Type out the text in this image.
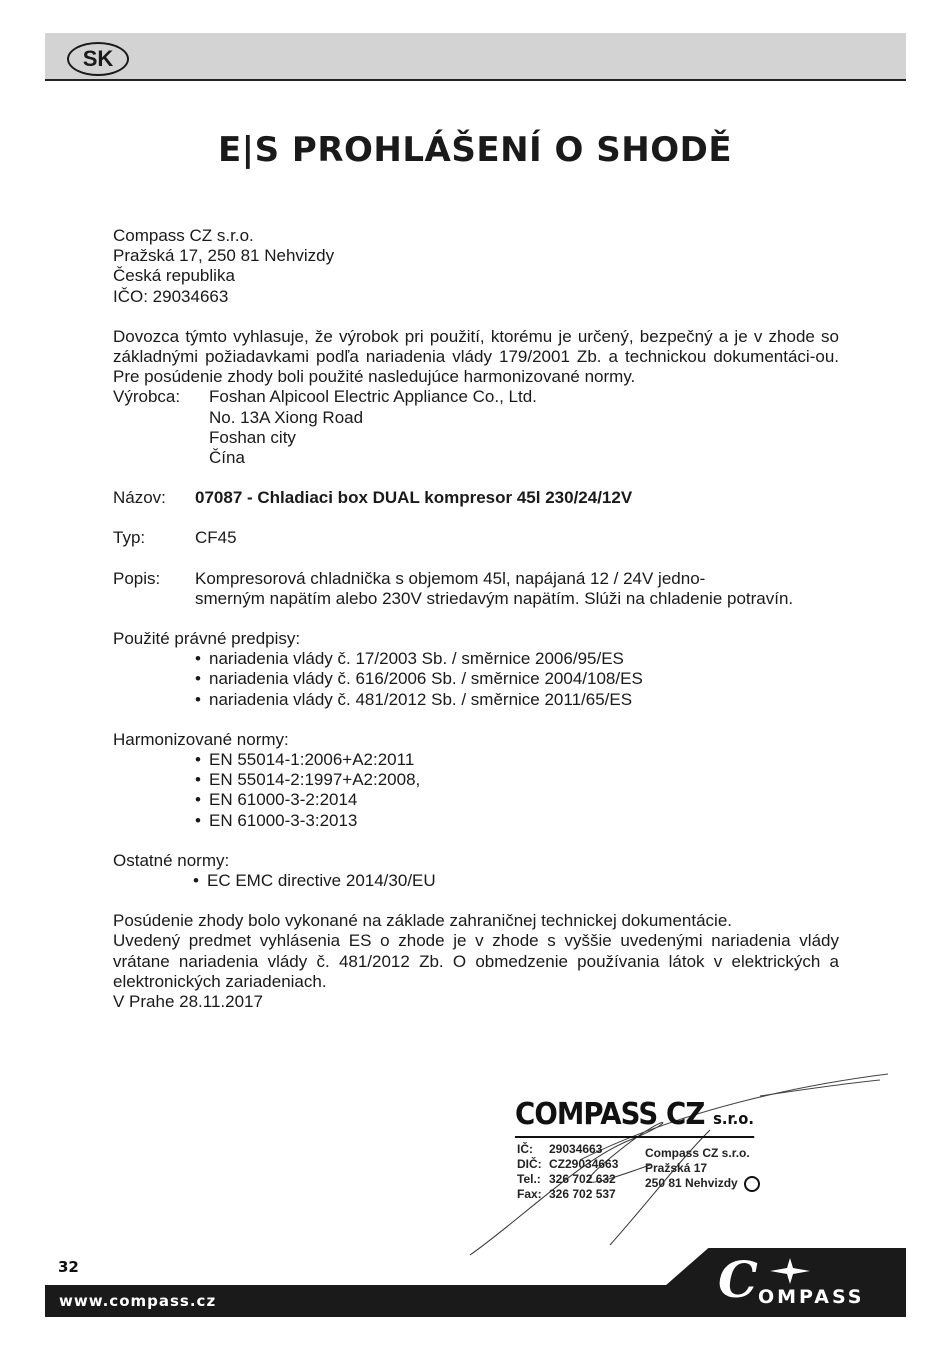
SK
E|S PROHLÁŠENÍ O SHODĚ

Compass CZ s.r.o.

Pražská 17, 250 81 Nehvizdy

Česká republika

IČO: 29034663

Dovozca týmto vyhlasuje, že výrobok pri použití, ktorému je určený, bezpečný a je v zhode so základnými požiadavkami podľa nariadenia vlády 179/2001 Zb. a technickou dokumentáci-ou. Pre posúdenie zhody boli použité nasledujúce harmonizované normy.

Výrobca:	Foshan Alpicool Electric Appliance Co., Ltd.

No. 13A Xiong Road

Foshan city

Čína

Názov:	07087 - Chladiaci box DUAL kompresor 45l 230/24/12V
Typ:	CF45
Popis:	Kompresorová chladnička s objemom 45l, napájaná 12 / 24V jedno-

smerným napätím alebo 230V striedavým napätím. Slúži na chladenie potravín.

Použité právné predpisy:

• nariadenia vlády č. 17/2003 Sb. / směrnice 2006/95/ES
• nariadenia vlády č. 616/2006 Sb. / směrnice 2004/108/ES
• nariadenia vlády č. 481/2012 Sb. / směrnice 2011/65/ES

Harmonizované normy:

• EN 55014-1:2006+A2:2011
• EN 55014-2:1997+A2:2008,
• EN 61000-3-2:2014
• EN 61000-3-3:2013

Ostatné normy:

• EC EMC directive 2014/30/EU

Posúdenie zhody bolo vykonané na základe zahraničnej technickej dokumentácie.

Uvedený predmet vyhlásenia ES o zhode je v zhode s vyššie uvedenými nariadenia vlády vrátane nariadenia vlády č. 481/2012 Zb. O obmedzenie používania látok v elektrických a elektronických zariadeniach.

V Prahe 28.11.2017

COMPASS CZ s.r.o.
IČ: 29034663
DIČ: CZ29034663
Tel.: 326 702 632
Fax: 326 702 537
Compass CZ s.r.o.
Pražská 17
250 81 Nehvizdy
32
www.compass.cz	C OMPASS
